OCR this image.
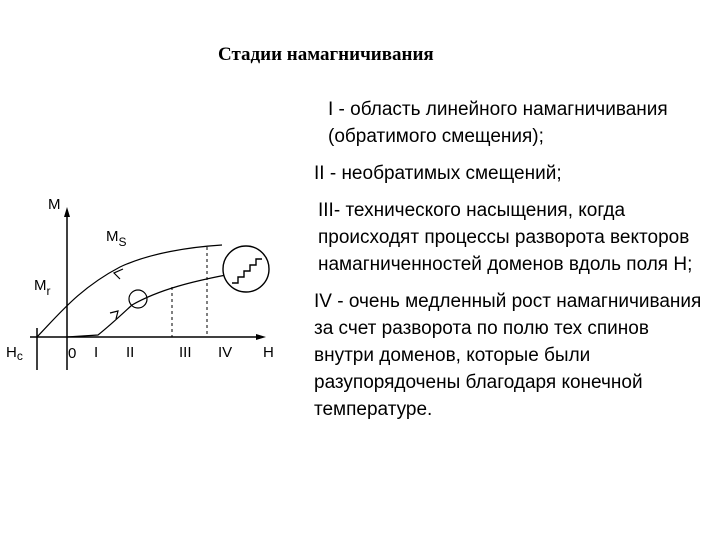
Стадии намагничивания

I - область линейного намагничивания (обратимого смещения);

II - необратимых смещений;

III- технического насыщения, когда происходят процессы разворота векторов намагниченностей доменов вдоль поля Н;

IV - очень медленный рост намагничивания за счет разворота по полю тех спинов внутри доменов, которые были разупорядочены благодаря конечной температуре.

M
$M_S$
$M_r$
$H_c$	0 I II	III IV H
